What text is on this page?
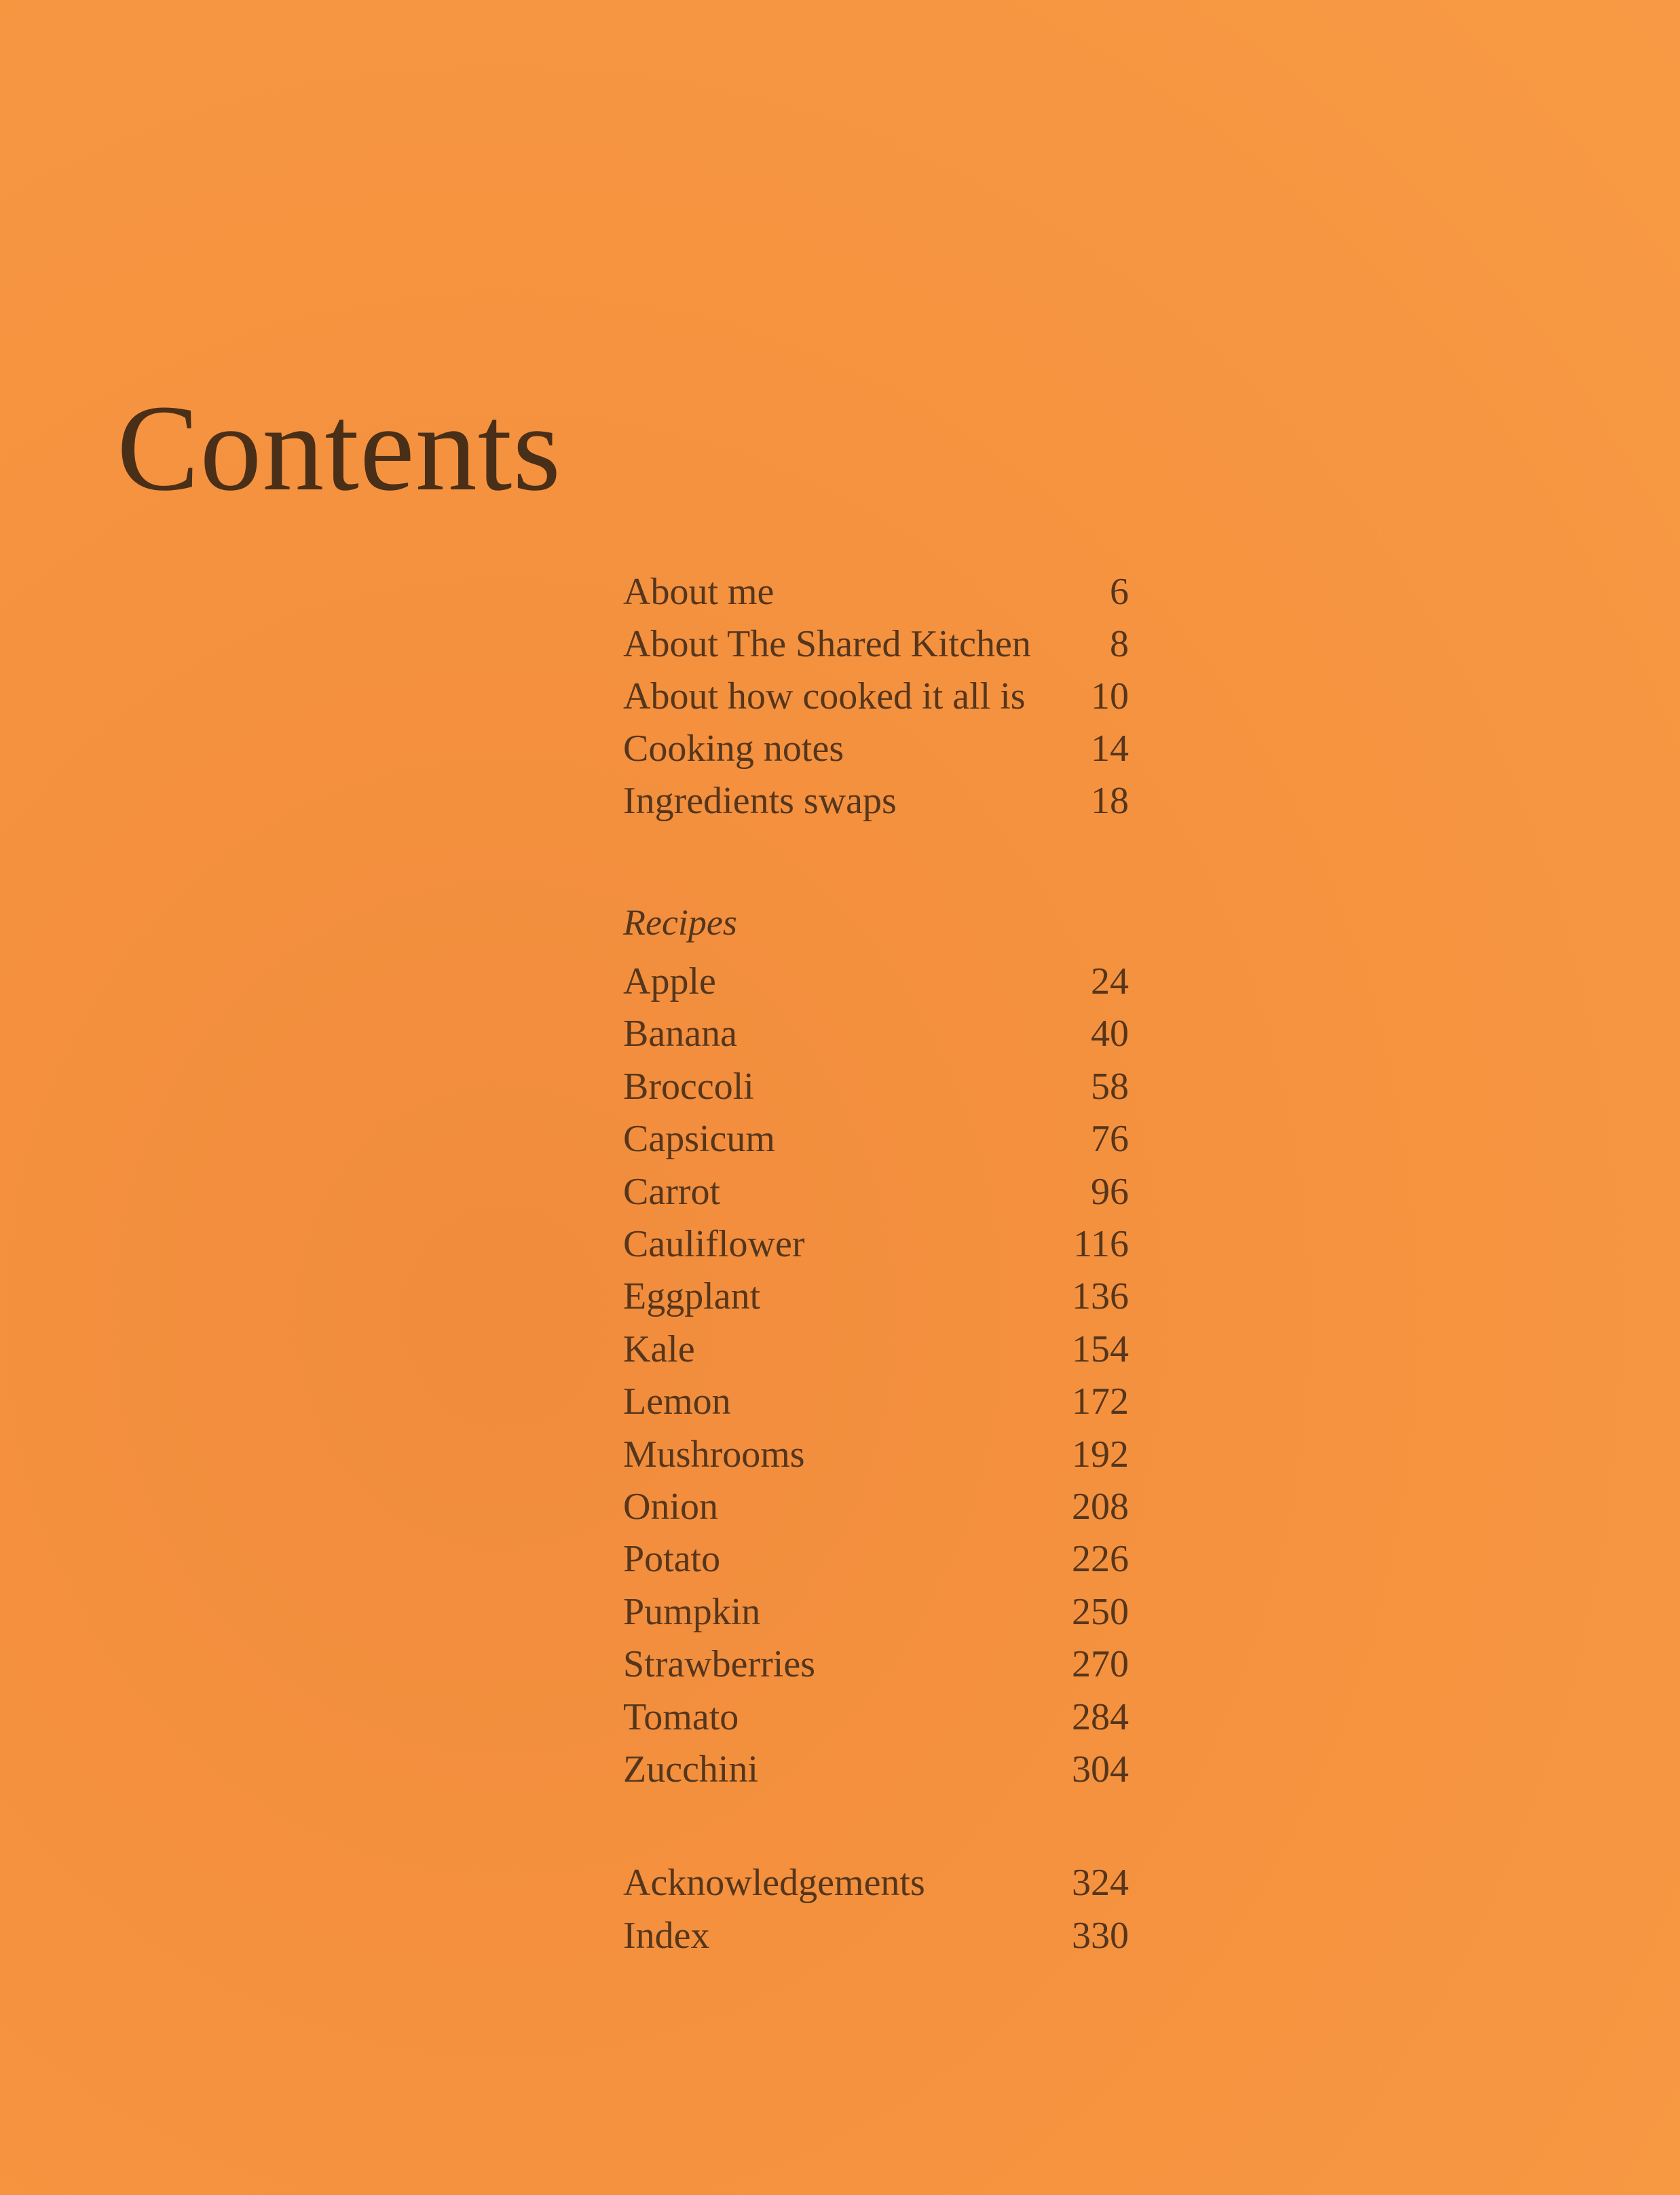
Contents
About me	6
About The Shared Kitchen 8
About how cooked it all is 10
Cooking notes	14
Ingredients swaps	18
Recipes
Apple	24
Banana	40
Broccoli	58
Capsicum	76
Carrot	96
Cauliflower	116
Eggplant	136
Kale	154
Lemon	172
Mushrooms	192
Onion	208
Potato	226
Pumpkin	250
Strawberries	270
Tomato	284
Zucchini	304
Acknowledgements	324
Index	330
